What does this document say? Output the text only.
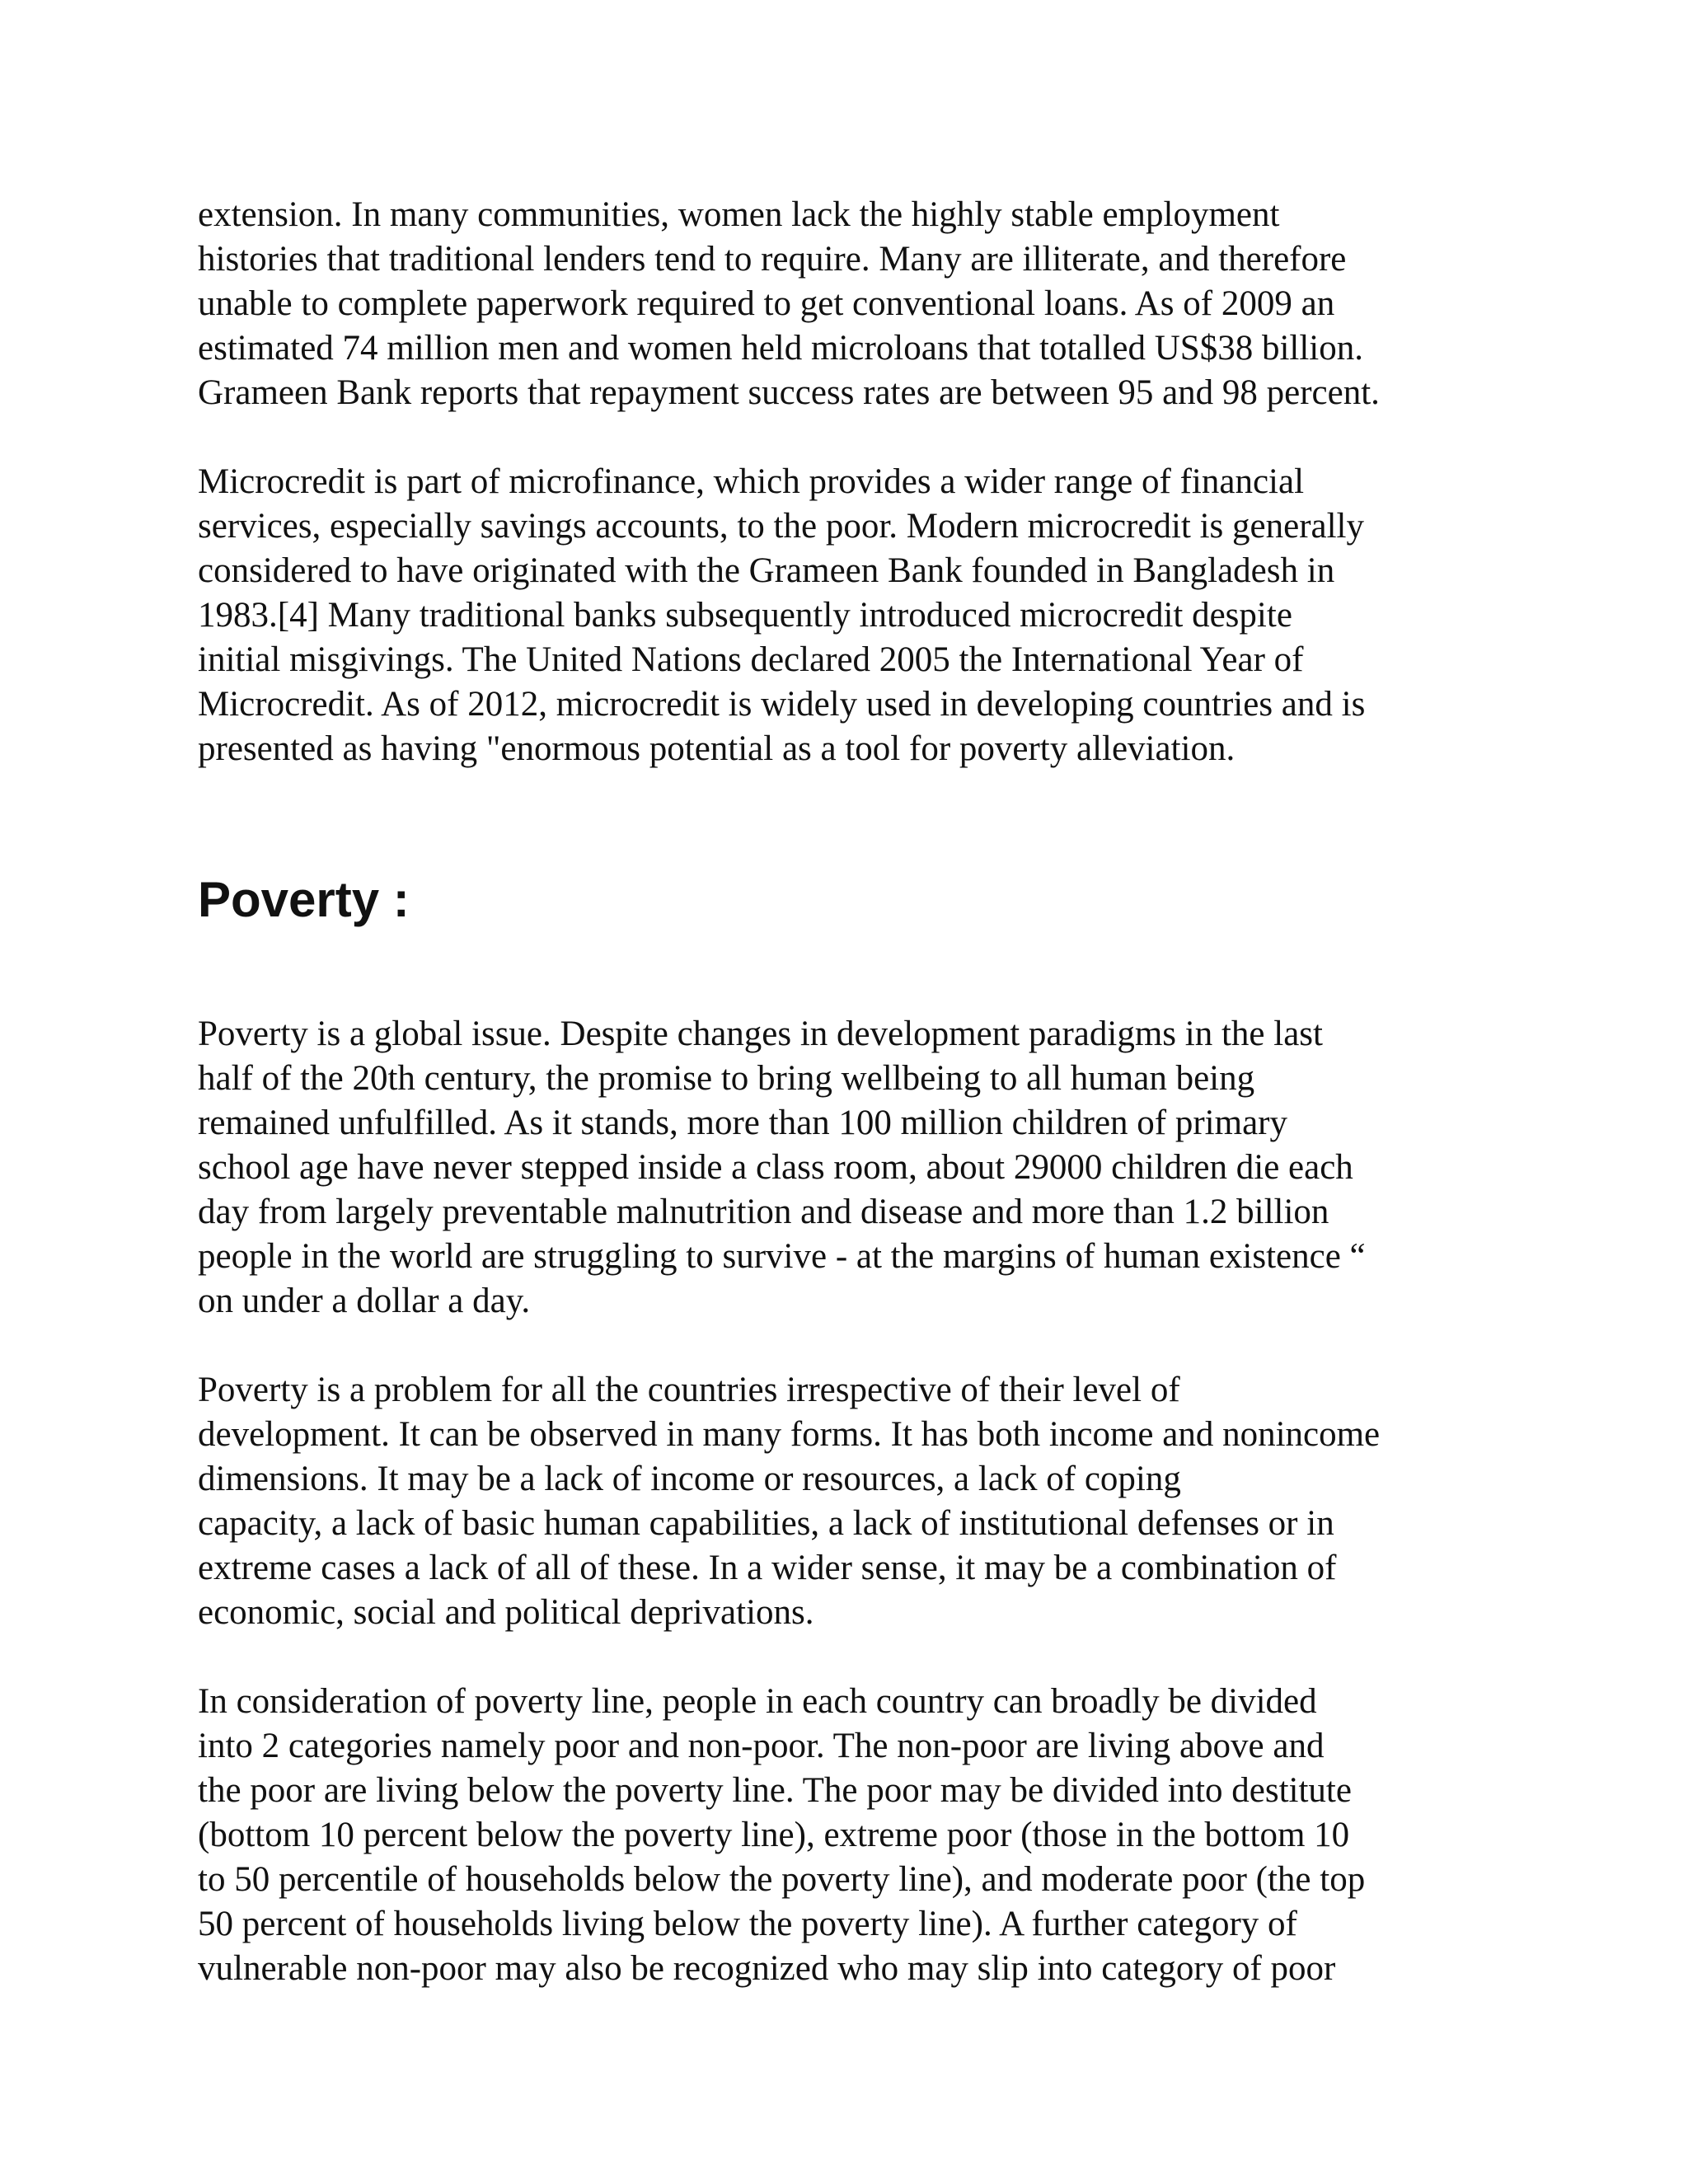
extension. In many communities, women lack the highly stable employment
histories that traditional lenders tend to require. Many are illiterate, and therefore
unable to complete paperwork required to get conventional loans. As of 2009 an
estimated 74 million men and women held microloans that totalled US$38 billion.
Grameen Bank reports that repayment success rates are between 95 and 98 percent.

Microcredit is part of microfinance, which provides a wider range of financial
services, especially savings accounts, to the poor. Modern microcredit is generally
considered to have originated with the Grameen Bank founded in Bangladesh in
1983.[4] Many traditional banks subsequently introduced microcredit despite
initial misgivings. The United Nations declared 2005 the International Year of
Microcredit. As of 2012, microcredit is widely used in developing countries and is
presented as having "enormous potential as a tool for poverty alleviation.

Poverty :

Poverty is a global issue. Despite changes in development paradigms in the last
half of the 20th century, the promise to bring wellbeing to all human being
remained unfulfilled. As it stands, more than 100 million children of primary
school age have never stepped inside a class room, about 29000 children die each
day from largely preventable malnutrition and disease and more than 1.2 billion
people in the world are struggling to survive - at the margins of human existence “
on under a dollar a day.

Poverty is a problem for all the countries irrespective of their level of
development. It can be observed in many forms. It has both income and nonincome
dimensions. It may be a lack of income or resources, a lack of coping
capacity, a lack of basic human capabilities, a lack of institutional defenses or in
extreme cases a lack of all of these. In a wider sense, it may be a combination of
economic, social and political deprivations.

In consideration of poverty line, people in each country can broadly be divided
into 2 categories namely poor and non-poor. The non-poor are living above and
the poor are living below the poverty line. The poor may be divided into destitute
(bottom 10 percent below the poverty line), extreme poor (those in the bottom 10
to 50 percentile of households below the poverty line), and moderate poor (the top
50 percent of households living below the poverty line). A further category of
vulnerable non-poor may also be recognized who may slip into category of poor
